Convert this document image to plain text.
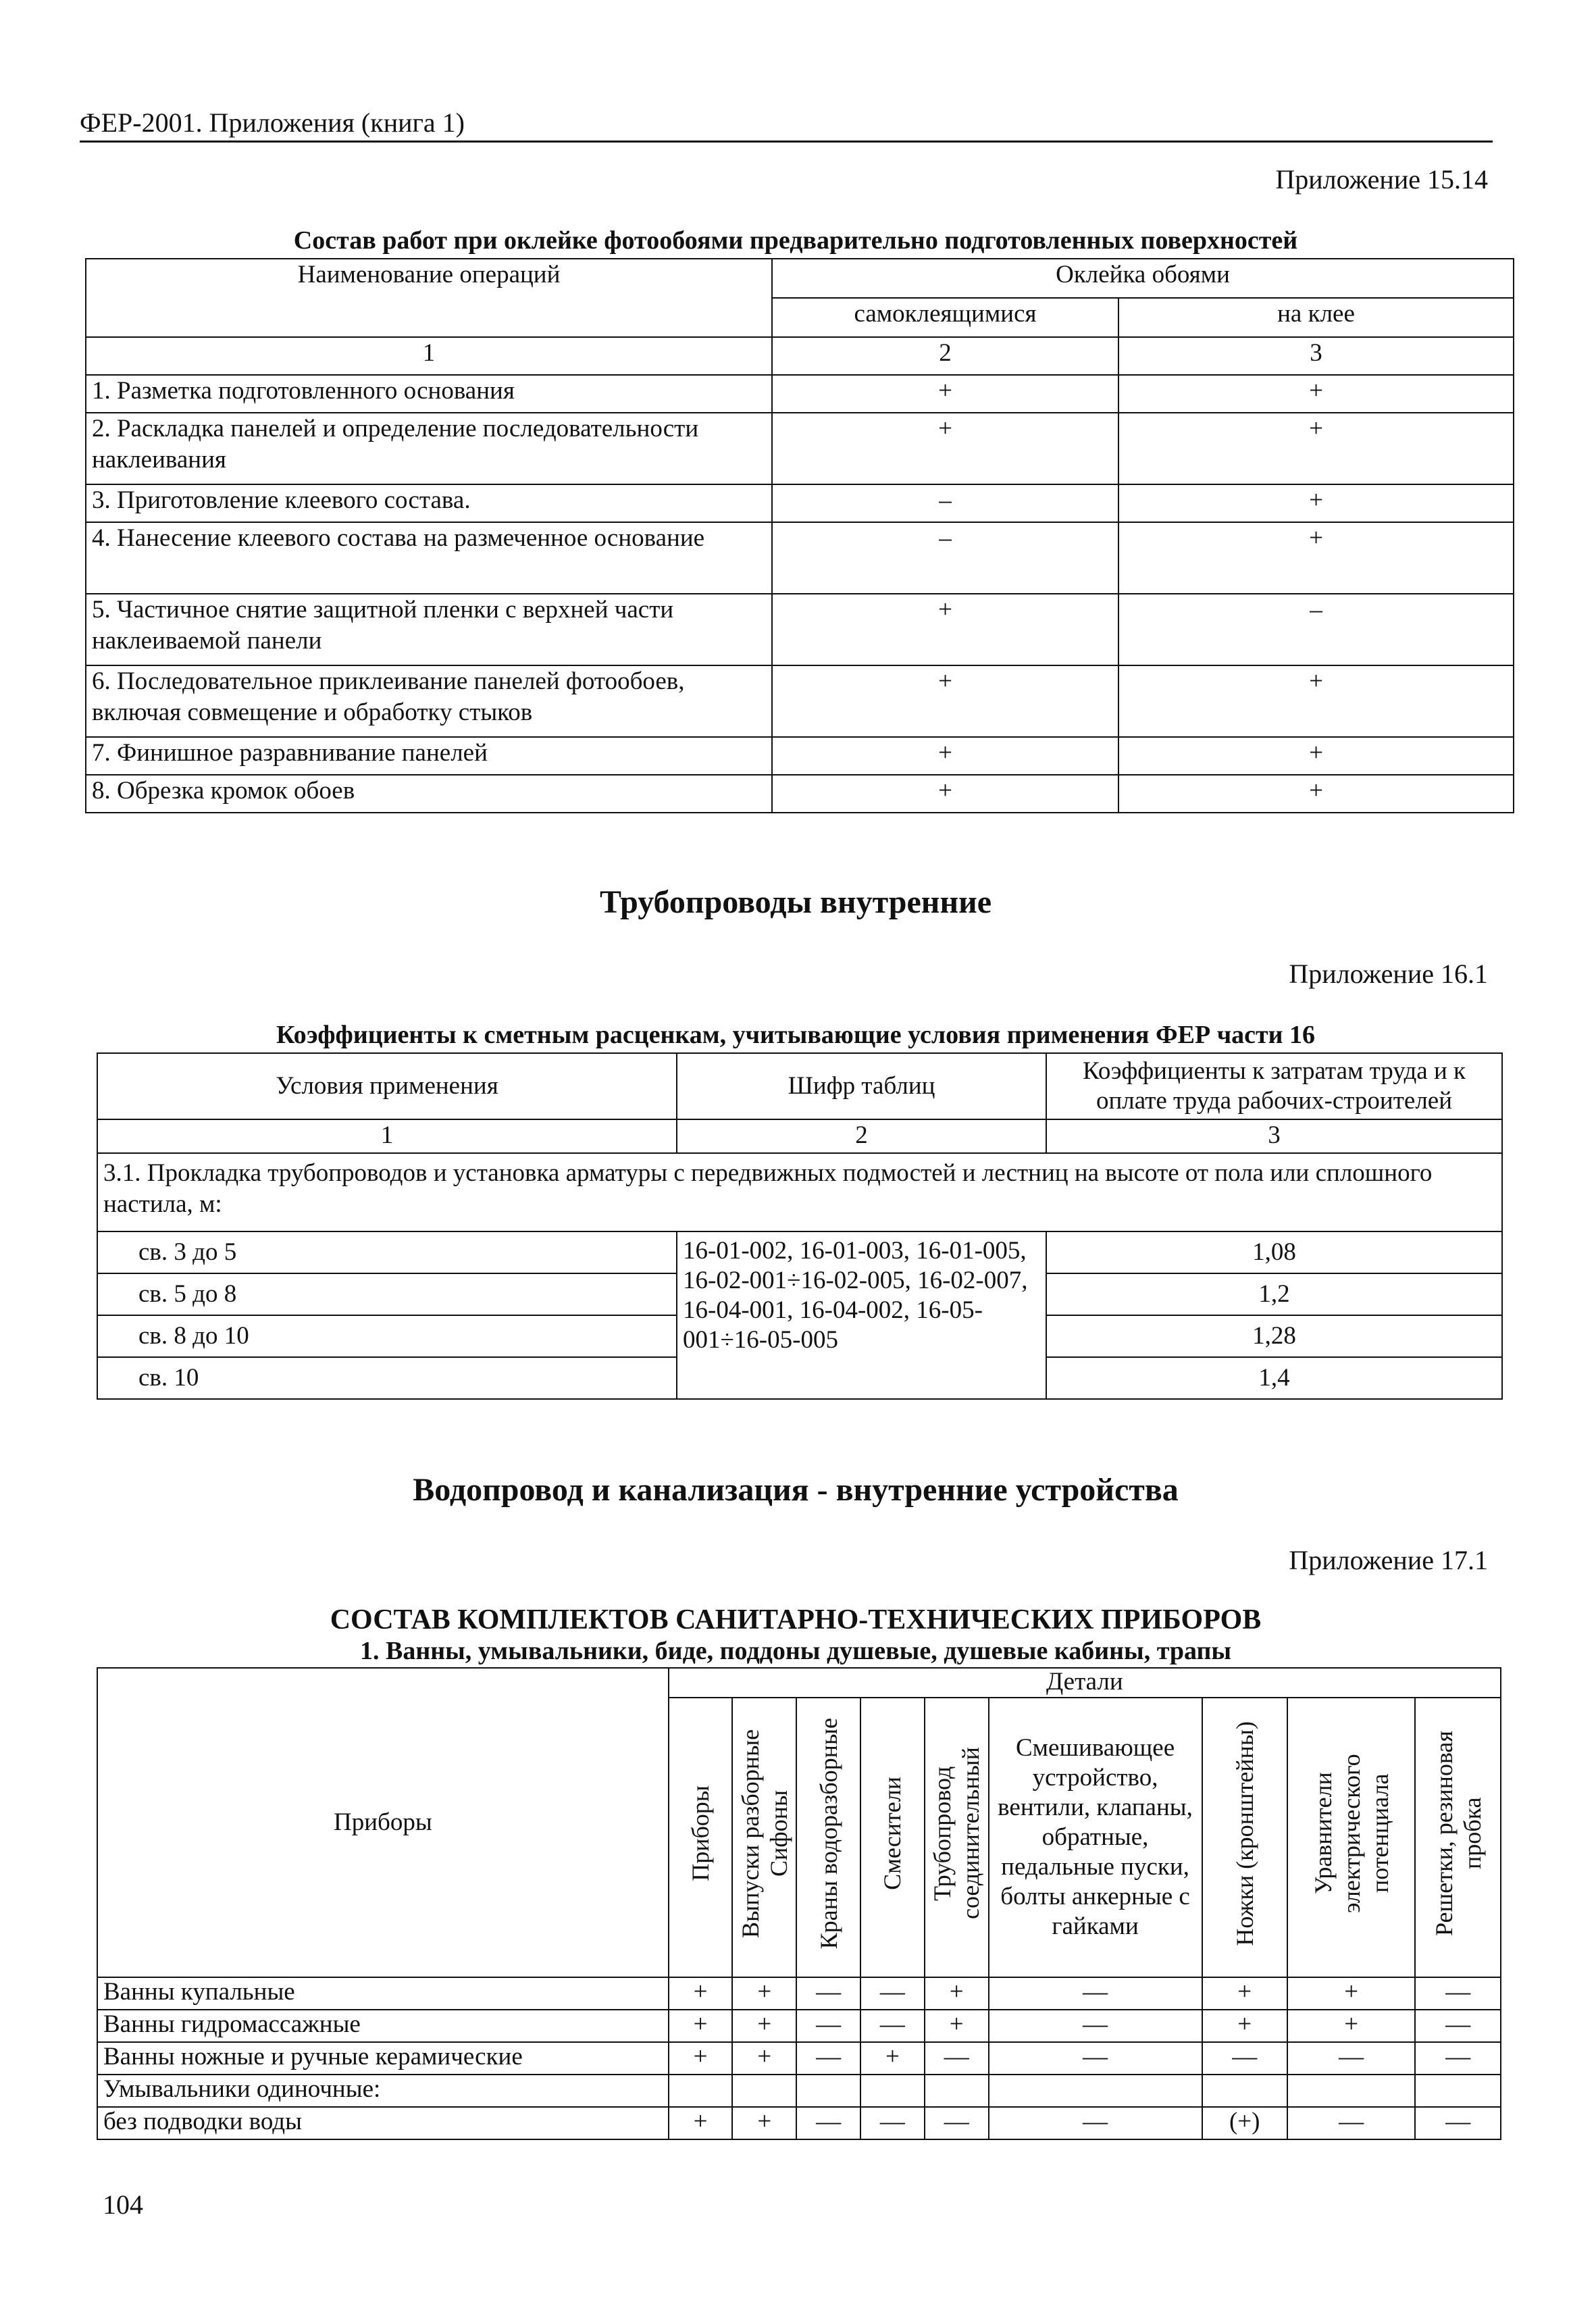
ФЕР-2001. Приложения (книга 1)
Приложение 15.14
Состав работ при оклейке фотообоями предварительно подготовленных поверхностей
Наименование операций	Оклейка обоями	
	самоклеящимися	на клее
1	2	3
1. Разметка подготовленного основания	+	+
2. Раскладка панелей и определение последовательности наклеивания	+	+
3. Приготовление клеевого состава.	–	+
4. Нанесение клеевого состава на размеченное основание	–	+
5. Частичное снятие защитной пленки с верхней части наклеиваемой панели	+	–
6. Последовательное приклеивание панелей фотообоев, включая совмещение и обработку стыков	+	+
7. Финишное разравнивание панелей	+	+
8. Обрезка кромок обоев	+	+
Трубопроводы внутренние
Приложение 16.1
Коэффициенты к сметным расценкам, учитывающие условия применения ФЕР части 16
Условия применения	Шифр таблиц	Коэффициенты к затратам труда и к оплате труда рабочих-строителей
1	2	3
3.1. Прокладка трубопроводов и установка арматуры с передвижных подмостей и лестниц на высоте от пола или сплошного настила, м:		
св. 3 до 5	16-01-002, 16-01-003, 16-01-005, 16-02-001÷16-02-005, 16-02-007, 16-04-001, 16-04-002, 16-05-001÷16-05-005	1,08
св. 5 до 8		1,2
св. 8 до 10		1,28
св. 10		1,4
Водопровод и канализация - внутренние устройства
Приложение 17.1
СОСТАВ КОМПЛЕКТОВ САНИТАРНО-ТЕХНИЧЕСКИХ ПРИБОРОВ
1. Ванны, умывальники, биде, поддоны душевые, душевые кабины, трапы
Приборы	Детали								
	Приборы	Выпуски разборные Сифоны	Краны водоразборные	Смесители	Трубопровод соединительный	Смешивающее устройство, вентили, клапаны, обратные, педальные пуски, болты анкерные с гайками	Ножки (кронштейны)	Уравнители электрического потенциала	Решетки, резиновая пробка
Ванны купальные	+	+	—	—	+	—	+	+	—
Ванны гидромассажные	+	+	—	—	+	—	+	+	—
Ванны ножные и ручные керамические	+	+	—	+	—	—	—	—	—
Умывальники одиночные:									
без подводки воды	+	+	—	—	—	—	(+)	—	—
104
